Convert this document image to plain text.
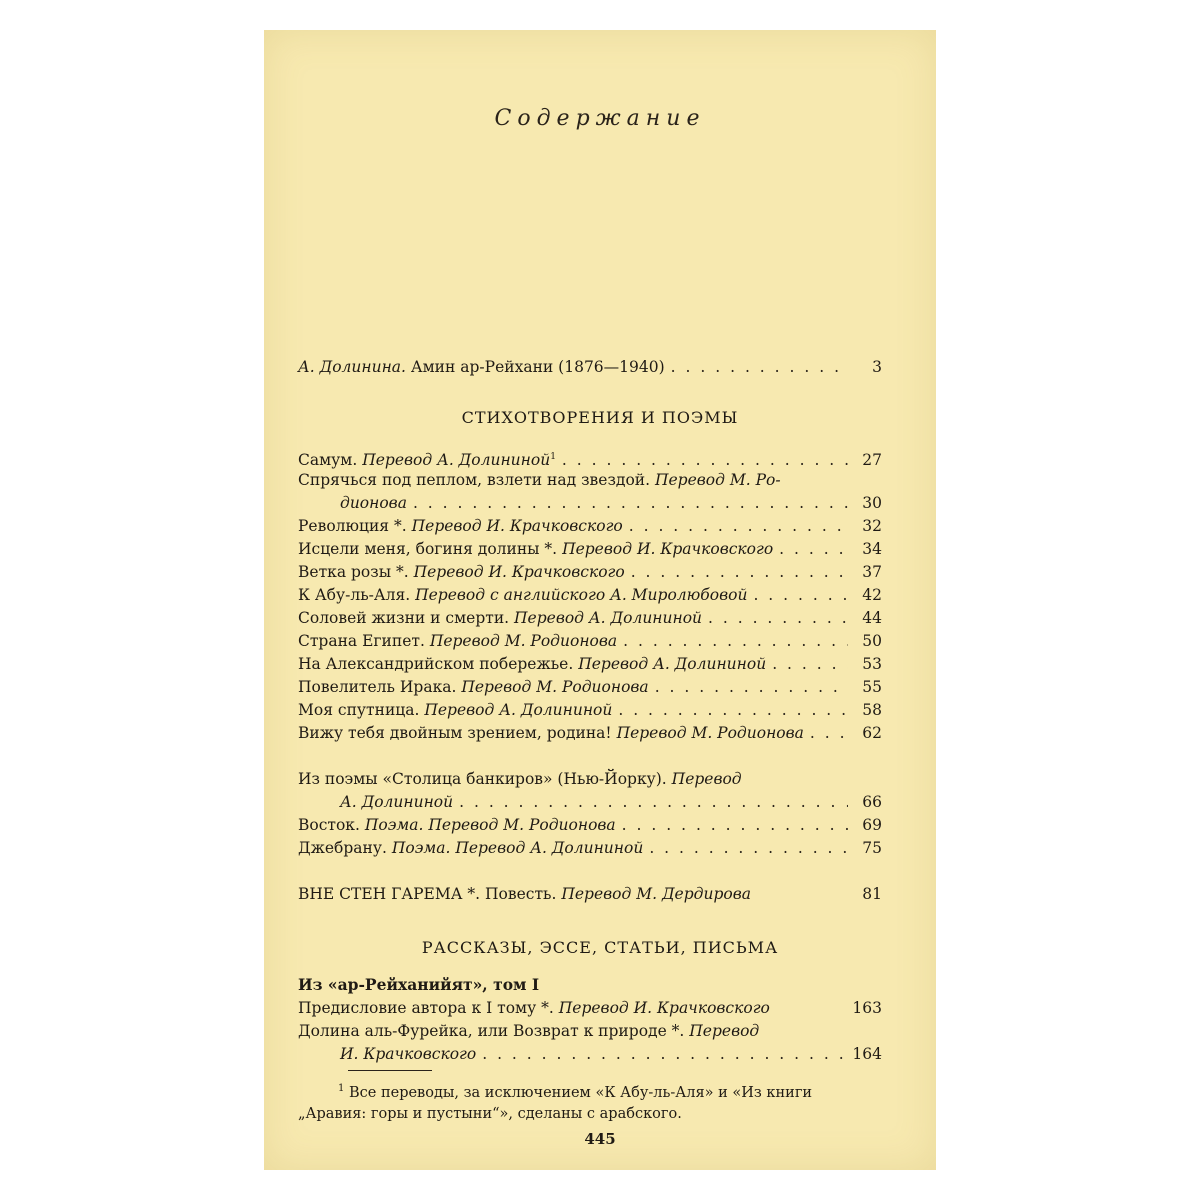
Содержание
А. Долинина. Амин ар-Рейхани (1876—1940) . . .	3
СТИХОТВОРЕНИЯ И ПОЭМЫ
Самум. Перевод А. Долининой$^1$ . . .	27
Спрячься под пеплом, взлети над звездой. Перевод М. Ро-
дионова . . .	30
Революция *. Перевод И. Крачковского . . .	32
Исцели меня, богиня долины *. Перевод И. Крачковского . . .	34
Ветка розы *. Перевод И. Крачковского . . .	37
К Абу-ль-Аля. Перевод с английского А. Миролюбовой . . .	42
Соловей жизни и смерти. Перевод А. Долининой . . .	44
Страна Египет. Перевод М. Родионова . . .	50
На Александрийском побережье. Перевод А. Долининой . . .	53
Повелитель Ирака. Перевод М. Родионова . . .	55
Моя спутница. Перевод А. Долининой . . .	58
Вижу тебя двойным зрением, родина! Перевод М. Родионова . . .	62
Из поэмы «Столица банкиров» (Нью-Йорку). Перевод
А. Долининой . . .	66
Восток. Поэма. Перевод М. Родионова . . .	69
Джебрану. Поэма. Перевод А. Долининой . . .	75
ВНЕ СТЕН ГАРЕМА *. Повесть. Перевод М. Дердирова	81
РАССКАЗЫ, ЭССЕ, СТАТЬИ, ПИСЬМА
Из «ар-Рейханийят», том I
Предисловие автора к I тому *. Перевод И. Крачковского	163
Долина аль-Фурейка, или Возврат к природе *. Перевод
И. Крачковского . . .	164
$^1$ Все переводы, за исключением «К Абу-ль-Аля» и «Из книги
„Аравия: горы и пустыни“», сделаны с арабского.
445
